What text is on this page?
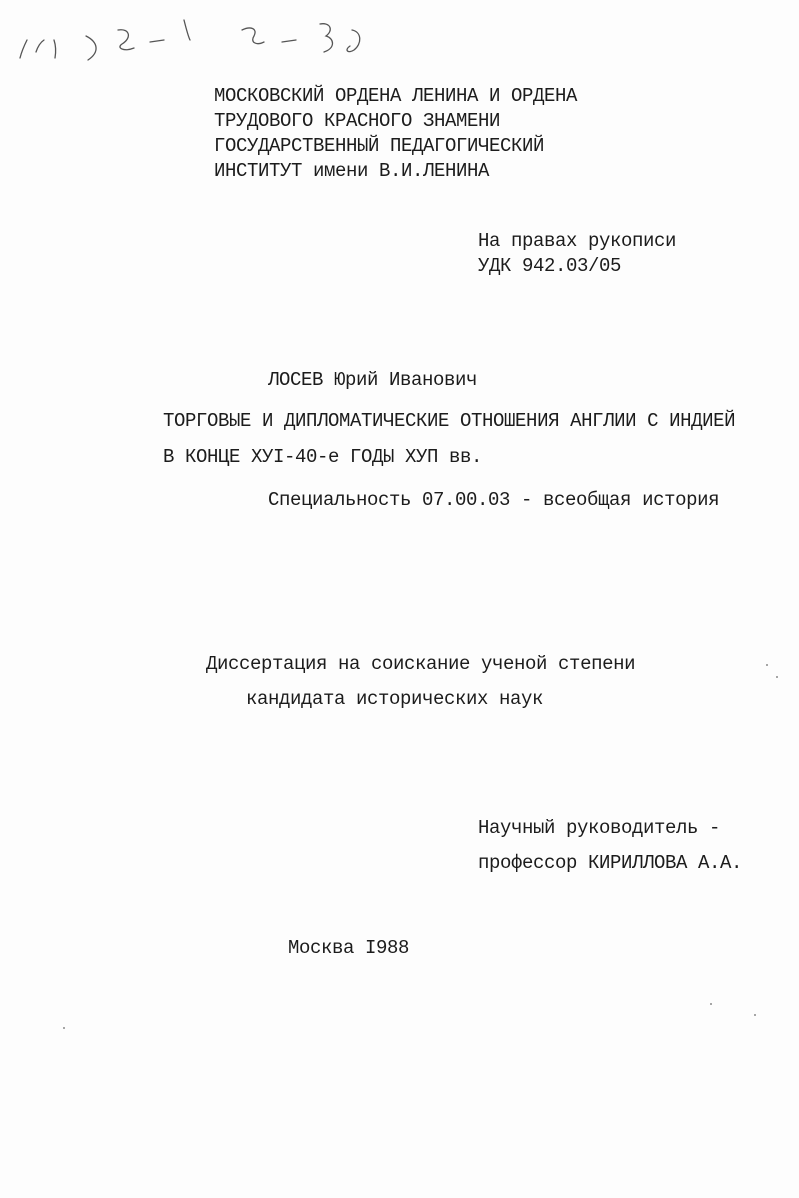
МОСКОВСКИЙ ОРДЕНА ЛЕНИНА И ОРДЕНА
ТРУДОВОГО КРАСНОГО ЗНАМЕНИ
ГОСУДАРСТВЕННЫЙ ПЕДАГОГИЧЕСКИЙ
ИНСТИТУТ имени В.И.ЛЕНИНА
На правах рукописи
УДК 942.03/05
ЛОСЕВ Юрий Иванович
ТОРГОВЫЕ И ДИПЛОМАТИЧЕСКИЕ ОТНОШЕНИЯ АНГЛИИ С ИНДИЕЙ
В КОНЦЕ ХУI-40-е ГОДЫ ХУП вв.
Специальность 07.00.03 - всеобщая история
Диссертация на соискание ученой степени
кандидата исторических наук
Научный руководитель -
профессор КИРИЛЛОВА А.А.
Москва I988
